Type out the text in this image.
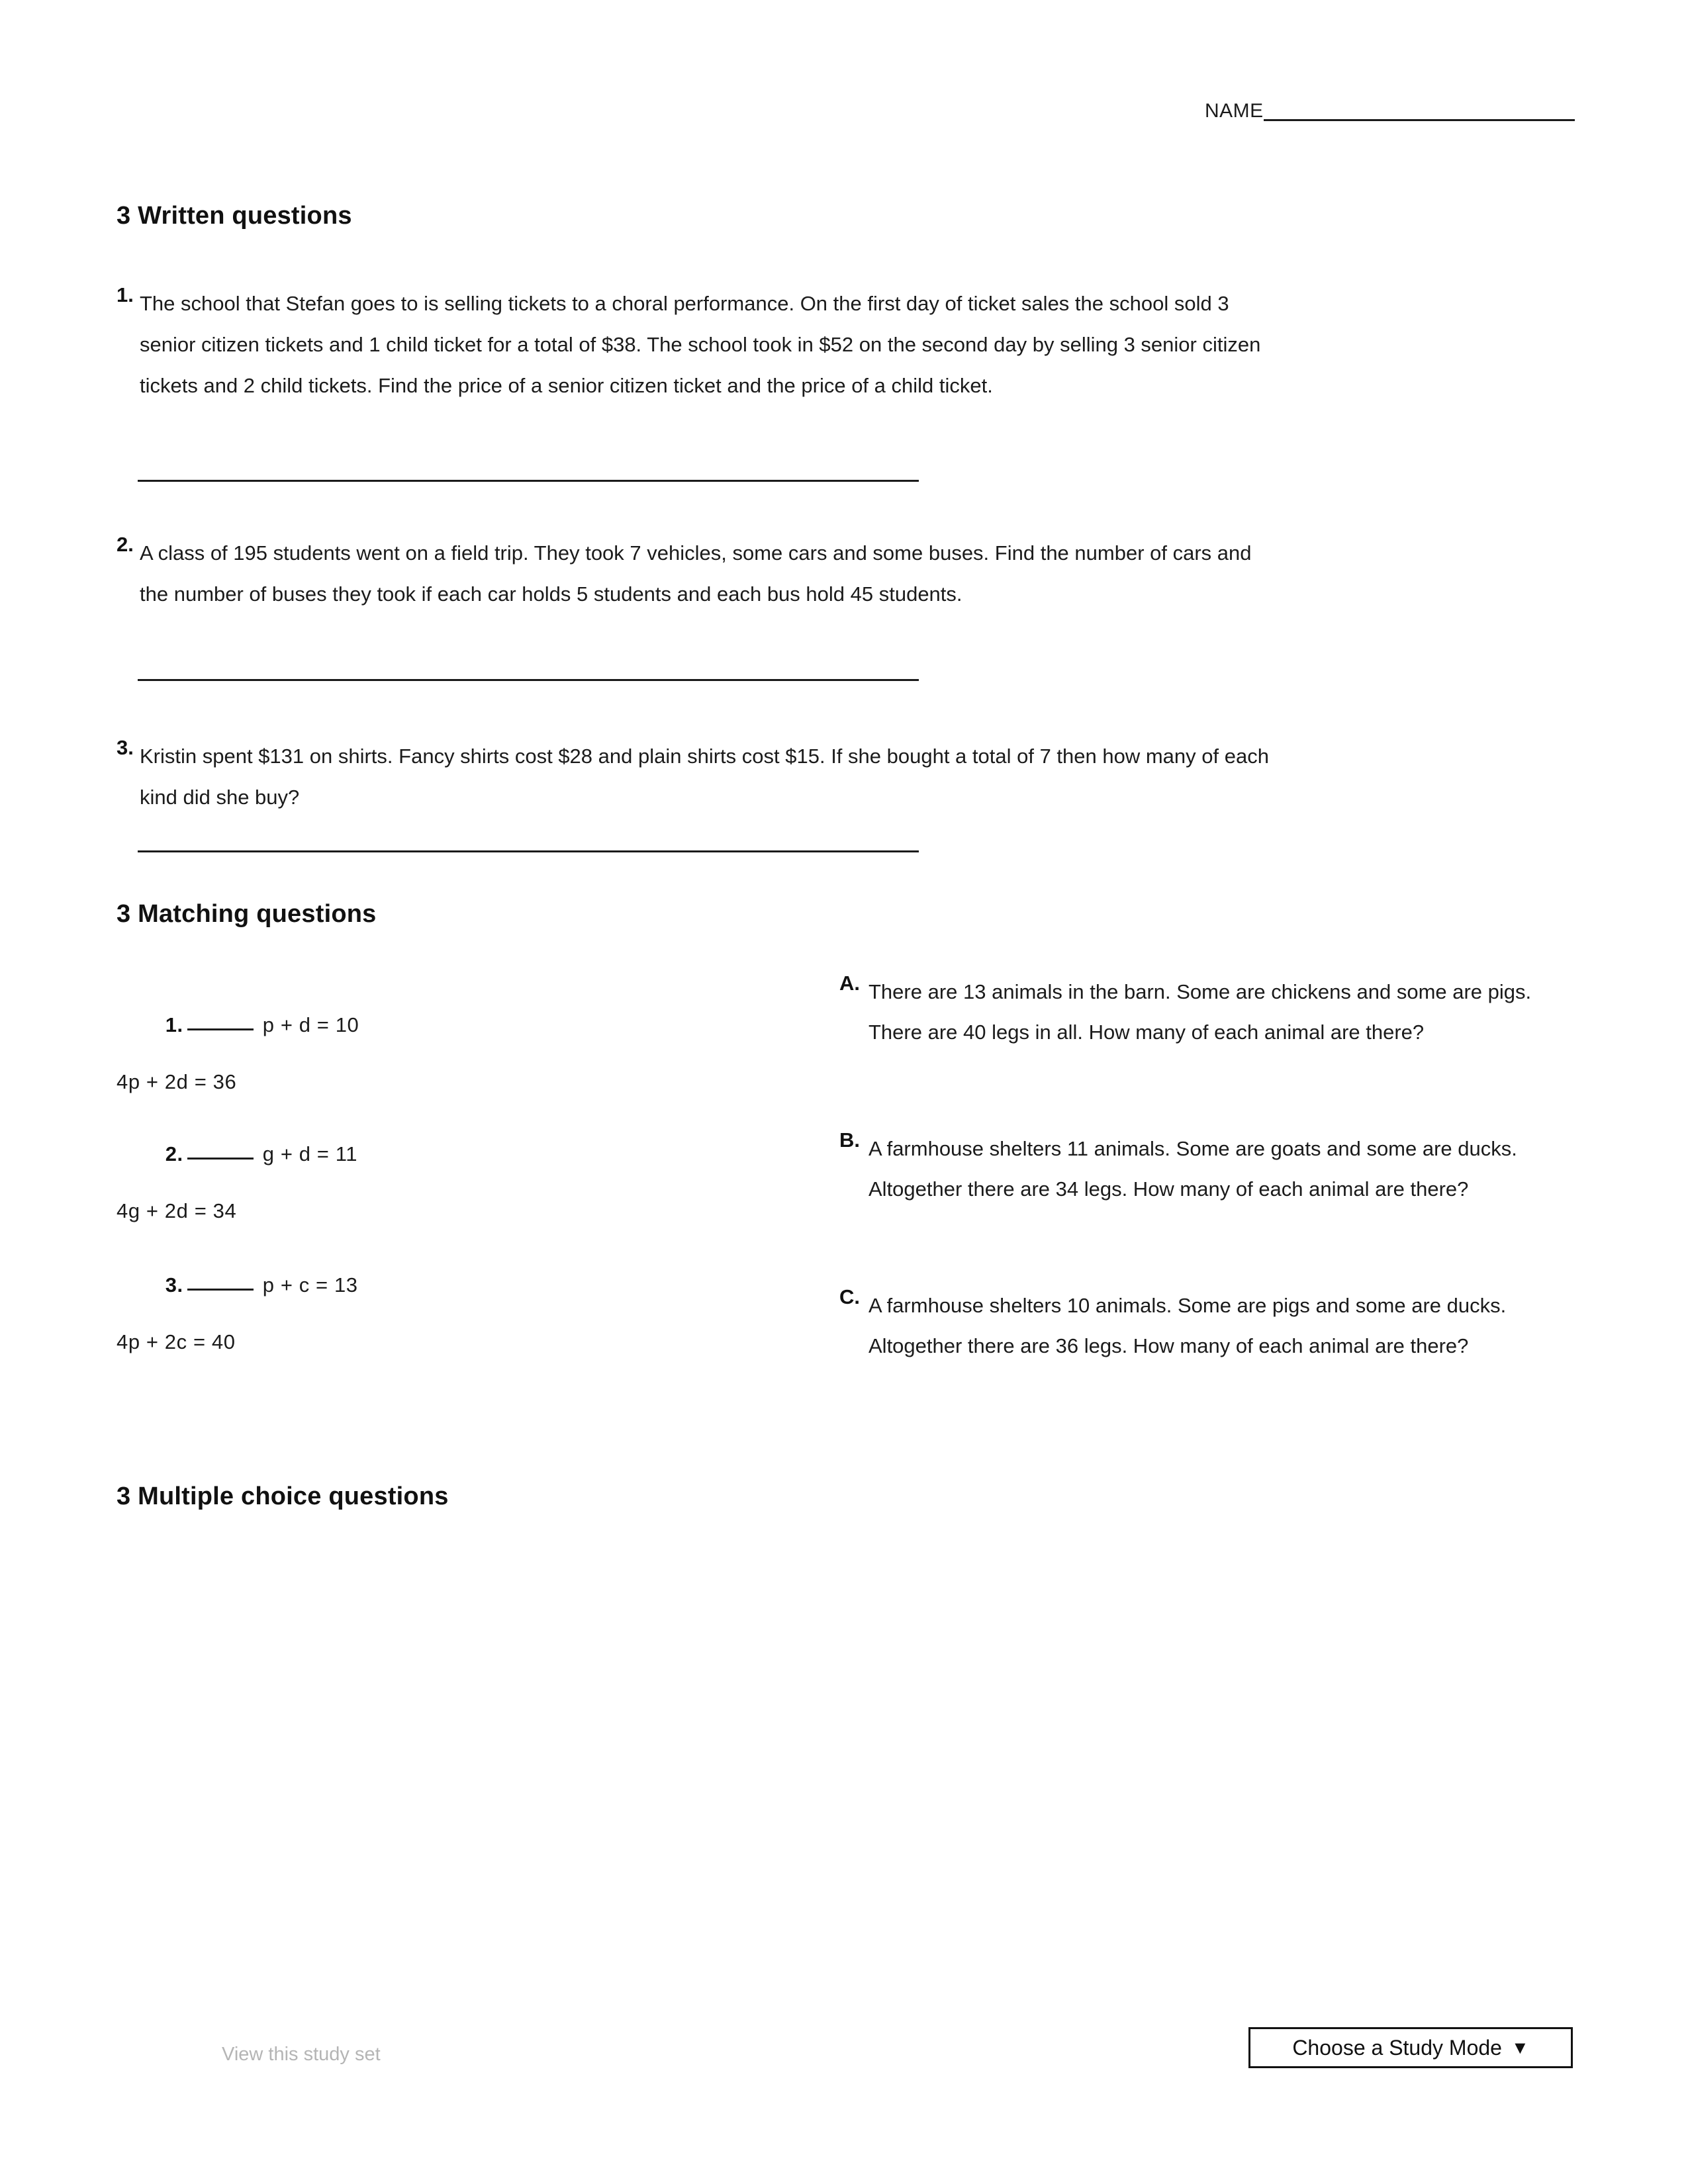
NAME
3 Written questions
1. The school that Stefan goes to is selling tickets to a choral performance. On the first day of ticket sales the school sold 3 senior citizen tickets and 1 child ticket for a total of $38. The school took in $52 on the second day by selling 3 senior citizen tickets and 2 child tickets. Find the price of a senior citizen ticket and the price of a child ticket.
2. A class of 195 students went on a field trip. They took 7 vehicles, some cars and some buses. Find the number of cars and the number of buses they took if each car holds 5 students and each bus hold 45 students.
3. Kristin spent $131 on shirts. Fancy shirts cost $28 and plain shirts cost $15. If she bought a total of 7 then how many of each kind did she buy?
3 Matching questions

1.	p + d = 10

4p + 2d = 36

2.	g + d = 11

4g + 2d = 34

3.	p + c = 13

4p + 2c = 40
A. There are 13 animals in the barn. Some are chickens and some are pigs. There are 40 legs in all. How many of each animal are there?
B. A farmhouse shelters 11 animals. Some are goats and some are ducks. Altogether there are 34 legs. How many of each animal are there?
C. A farmhouse shelters 10 animals. Some are pigs and some are ducks. Altogether there are 36 legs. How many of each animal are there?
3 Multiple choice questions
View this study set	Choose a Study Mode ▼
